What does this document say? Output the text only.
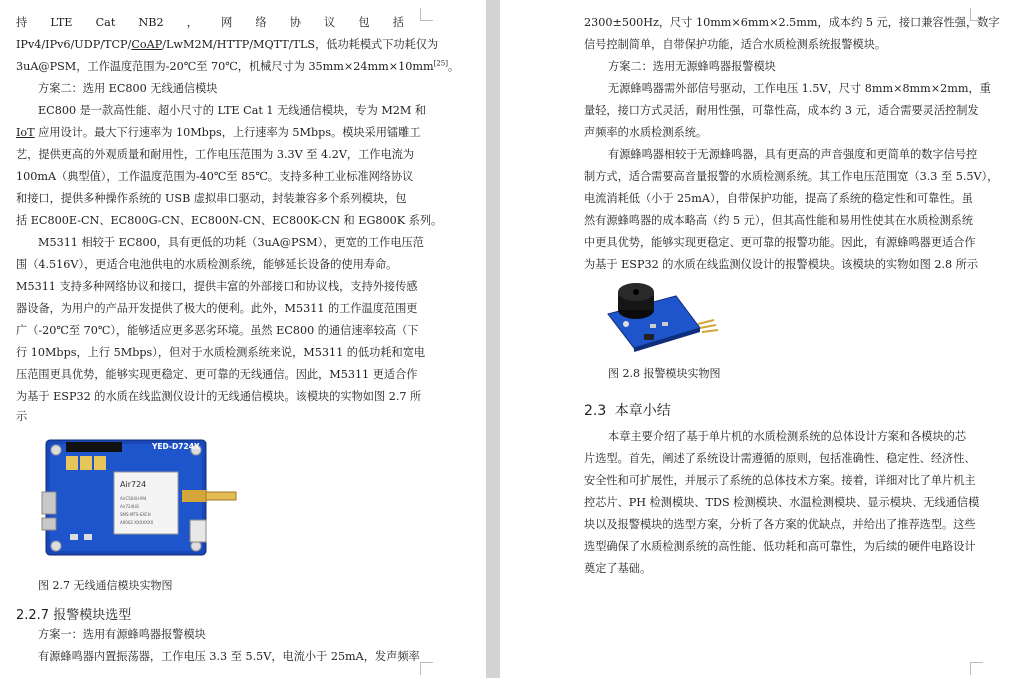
持 LTE Cat NB2 ， 网 络 协 议 包 括
IPv4/IPv6/UDP/TCP/CoAP/LwM2M/HTTP/MQTT/TLS，低功耗模式下功耗仅为
3uA@PSM，工作温度范围为-20℃至 70℃，机械尺寸为 35mm×24mm×10mm[25]。
方案二：选用 EC800 无线通信模块
EC800 是一款高性能、超小尺寸的 LTE Cat 1 无线通信模块，专为 M2M 和
IoT 应用设计。最大下行速率为 10Mbps，上行速率为 5Mbps。模块采用镭雕工
艺，提供更高的外观质量和耐用性，工作电压范围为 3.3V 至 4.2V，工作电流为
100mA（典型值），工作温度范围为-40℃至 85℃。支持多种工业标准网络协议
和接口，提供多种操作系统的 USB 虚拟串口驱动，封装兼容多个系列模块，包
括 EC800E-CN、EC800G-CN、EC800N-CN、EC800K-CN 和 EG800K 系列。
M5311 相较于 EC800，具有更低的功耗（3uA@PSM），更宽的工作电压范
围（4.516V），更适合电池供电的水质检测系统，能够延长设备的使用寿命。
M5311 支持多种网络协议和接口，提供丰富的外部接口和协议栈，支持外接传感
器设备，为用户的产品开发提供了极大的便利。此外，M5311 的工作温度范围更
广（-20℃至 70℃），能够适应更多恶劣环境。虽然 EC800 的通信速率较高（下
行 10Mbps，上行 5Mbps），但对于水质检测系统来说，M5311 的低功耗和宽电
压范围更具优势，能够实现更稳定、更可靠的无线通信。因此，M5311 更适合作
为基于 ESP32 的水质在线监测仪设计的无线通信模块。该模块的实物如图 2.7 所
示
YED-D724X
Air724
AirCS04U-M4
Air724UG
SMS-MTS-EXCH
A0002.XXXXXXX
图 2.7 无线通信模块实物图
2.2.7 报警模块选型
方案一：选用有源蜂鸣器报警模块
有源蜂鸣器内置振荡器，工作电压 3.3 至 5.5V，电流小于 25mA，发声频率
2300±500Hz，尺寸 10mm×6mm×2.5mm，成本约 5 元，接口兼容性强，数字
信号控制简单，自带保护功能，适合水质检测系统报警模块。
方案二：选用无源蜂鸣器报警模块
无源蜂鸣器需外部信号驱动，工作电压 1.5V，尺寸 8mm×8mm×2mm，重
量轻，接口方式灵活，耐用性强，可靠性高，成本约 3 元，适合需要灵活控制发
声频率的水质检测系统。
有源蜂鸣器相较于无源蜂鸣器，具有更高的声音强度和更简单的数字信号控
制方式，适合需要高音量报警的水质检测系统。其工作电压范围宽（3.3 至 5.5V），
电流消耗低（小于 25mA），自带保护功能，提高了系统的稳定性和可靠性。虽
然有源蜂鸣器的成本略高（约 5 元），但其高性能和易用性使其在水质检测系统
中更具优势，能够实现更稳定、更可靠的报警功能。因此，有源蜂鸣器更适合作
为基于 ESP32 的水质在线监测仪设计的报警模块。该模块的实物如图 2.8 所示
图 2.8 报警模块实物图
2.3 本章小结
本章主要介绍了基于单片机的水质检测系统的总体设计方案和各模块的芯
片选型。首先，阐述了系统设计需遵循的原则，包括准确性、稳定性、经济性、
安全性和可扩展性，并展示了系统的总体技术方案。接着，详细对比了单片机主
控芯片、PH 检测模块、TDS 检测模块、水温检测模块、显示模块、无线通信模
块以及报警模块的选型方案，分析了各方案的优缺点，并给出了推荐选型。这些
选型确保了水质检测系统的高性能、低功耗和高可靠性，为后续的硬件电路设计
奠定了基础。
